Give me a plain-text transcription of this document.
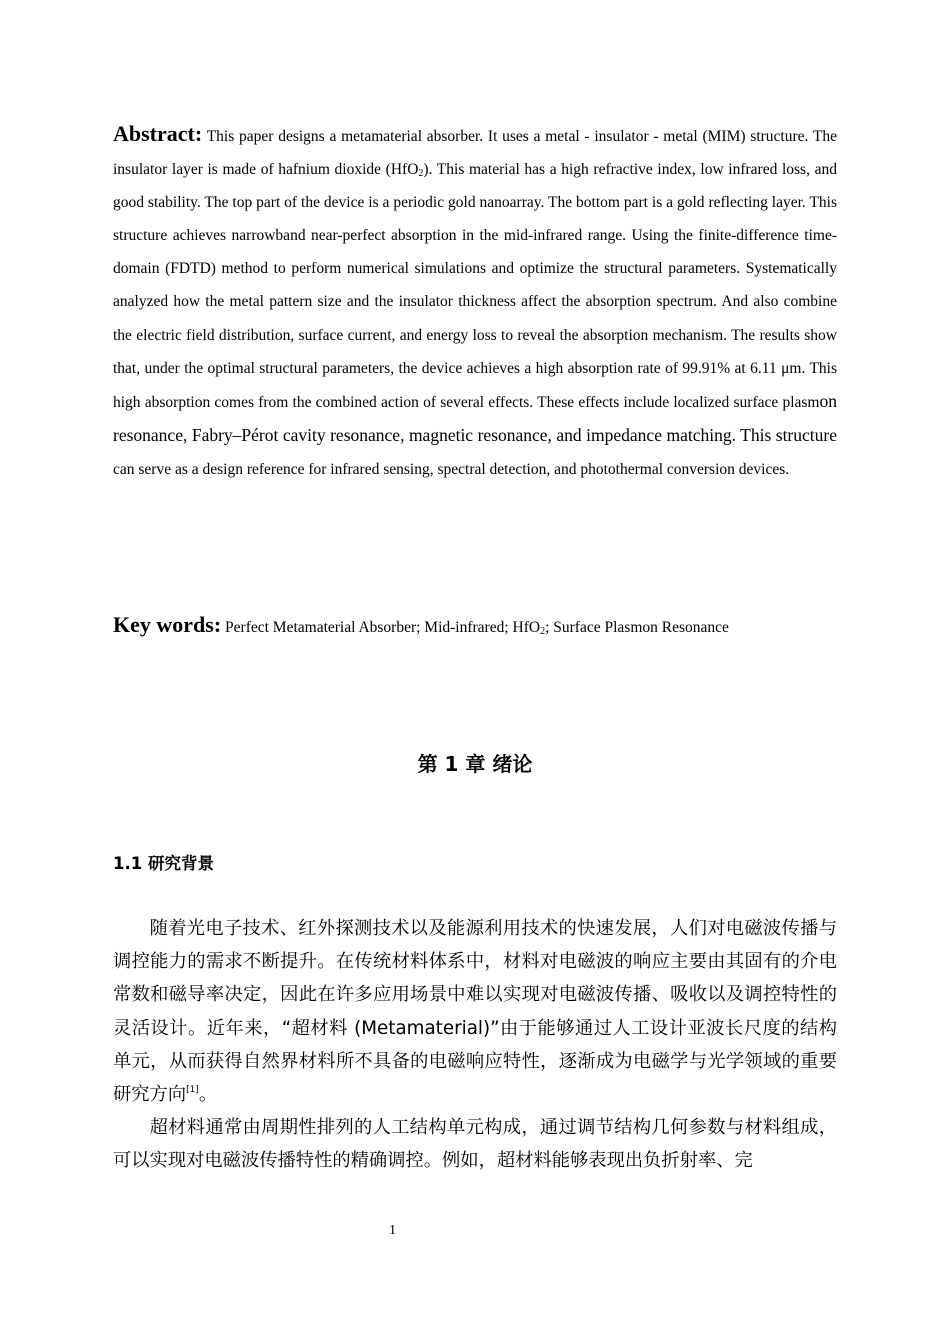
Abstract: This paper designs a metamaterial absorber. It uses a metal - insulator - metal (MIM) structure. The insulator layer is made of hafnium dioxide (HfO$_2$). This material has a high refractive index, low infrared loss, and good stability. The top part of the device is a periodic gold nanoarray. The bottom part is a gold reflecting layer. This structure achieves narrowband near-perfect absorption in the mid-infrared range. Using the finite-difference time-domain (FDTD) method to perform numerical simulations and optimize the structural parameters. Systematically analyzed how the metal pattern size and the insulator thickness affect the absorption spectrum. And also combine the electric field distribution, surface current, and energy loss to reveal the absorption mechanism. The results show that, under the optimal structural parameters, the device achieves a high absorption rate of 99.91% at 6.11 μm. This high absorption comes from the combined action of several effects. These effects include localized surface plasmon resonance, Fabry–Pérot cavity resonance, magnetic resonance, and impedance matching. This structure can serve as a design reference for infrared sensing, spectral detection, and photothermal conversion devices.

Key words: Perfect Metamaterial Absorber; Mid-infrared; HfO$_2$; Surface Plasmon Resonance

第 1 章 绪论
1.1 研究背景

随着光电子技术、红外探测技术以及能源利用技术的快速发展，人们对电磁波传播与调控能力的需求不断提升。在传统材料体系中，材料对电磁波的响应主要由其固有的介电常数和磁导率决定，因此在许多应用场景中难以实现对电磁波传播、吸收以及调控特性的灵活设计。近年来，“超材料 (Metamaterial)”由于能够通过人工设计亚波长尺度的结构单元，从而获得自然界材料所不具备的电磁响应特性，逐渐成为电磁学与光学领域的重要研究方向[1]。

超材料通常由周期性排列的人工结构单元构成，通过调节结构几何参数与材料组成，可以实现对电磁波传播特性的精确调控。例如，超材料能够表现出负折射率、完

1
